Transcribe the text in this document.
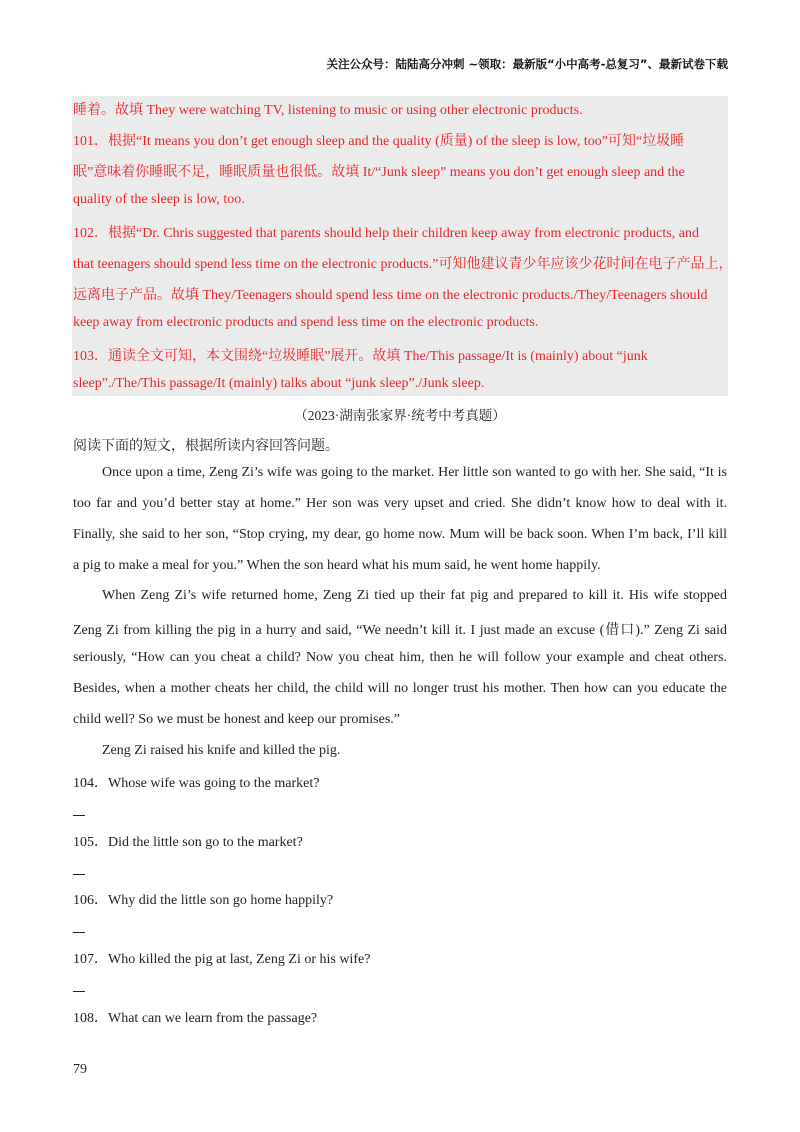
关注公众号：陆陆高分冲刺 ~领取：最新版“小中高考-总复习”、最新试卷下载
睡着。故填 They were watching TV, listening to music or using other electronic products.
101．根据“It means you don’t get enough sleep and the quality (质量) of the sleep is low, too”可知“垃圾睡
眠”意味着你睡眠不足，睡眠质量也很低。故填 It/“Junk sleep” means you don’t get enough sleep and the
quality of the sleep is low, too.
102．根据“Dr. Chris suggested that parents should help their children keep away from electronic products, and
that teenagers should spend less time on the electronic products.”可知他建议青少年应该少花时间在电子产品上，
远离电子产品。故填 They/Teenagers should spend less time on the electronic products./They/Teenagers should
keep away from electronic products and spend less time on the electronic products.
103．通读全文可知，本文围绕“垃圾睡眠”展开。故填 The/This passage/It is (mainly) about “junk
sleep”./The/This passage/It (mainly) talks about “junk sleep”./Junk sleep.
（2023·湖南张家界·统考中考真题）
阅读下面的短文，根据所读内容回答问题。
Once upon a time, Zeng Zi’s wife was going to the market. Her little son wanted to go with her. She said, “It is
too far and you’d better stay at home.” Her son was very upset and cried. She didn’t know how to deal with it.
Finally, she said to her son, “Stop crying, my dear, go home now. Mum will be back soon. When I’m back, I’ll kill
a pig to make a meal for you.” When the son heard what his mum said, he went home happily.
When Zeng Zi’s wife returned home, Zeng Zi tied up their fat pig and prepared to kill it. His wife stopped
Zeng Zi from killing the pig in a hurry and said, “We needn’t kill it. I just made an excuse (借口).” Zeng Zi said
seriously, “How can you cheat a child? Now you cheat him, then he will follow your example and cheat others.
Besides, when a mother cheats her child, the child will no longer trust his mother. Then how can you educate the
child well? So we must be honest and keep our promises.”
Zeng Zi raised his knife and killed the pig.
104．Whose wife was going to the market?
105．Did the little son go to the market?
106．Why did the little son go home happily?
107．Who killed the pig at last, Zeng Zi or his wife?
108．What can we learn from the passage?
79
